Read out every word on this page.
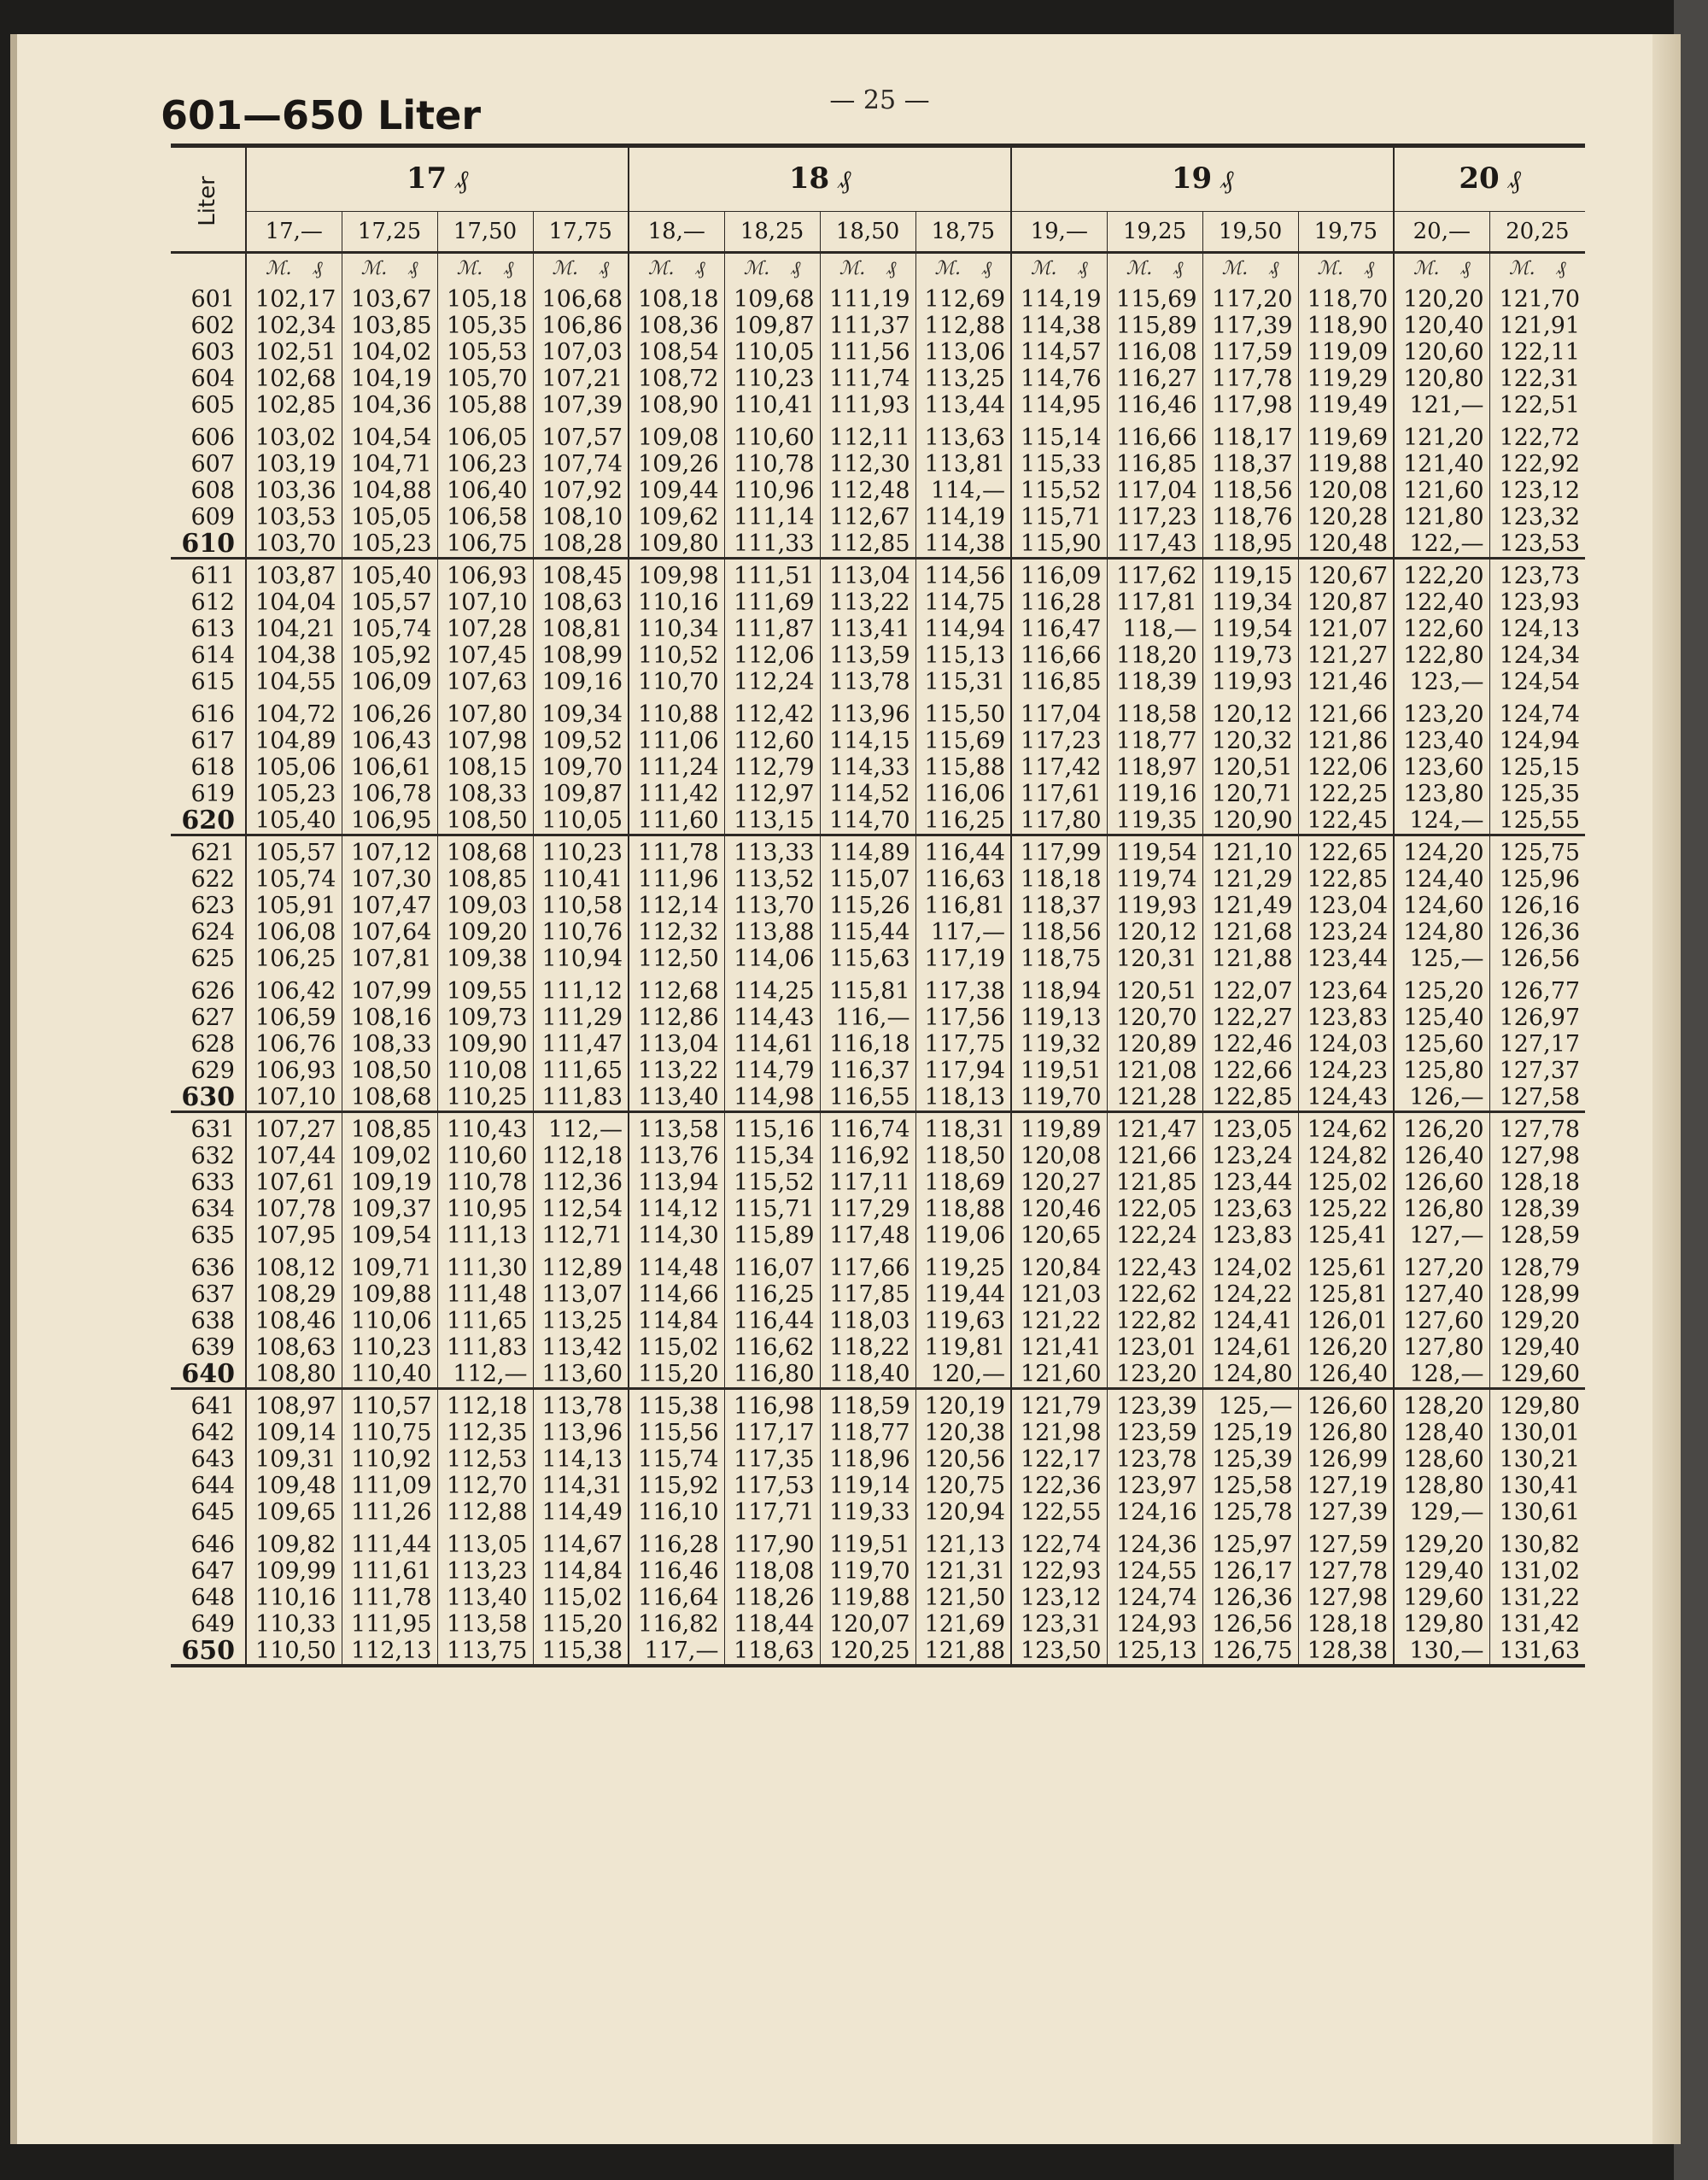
601—650 Liter	— 25 —
Liter	17 ₰				18 ₰				19 ₰				20 ₰	
	17,—	17,25	17,50	17,75	18,—	18,25	18,50	18,75	19,—	19,25	19,50	19,75	20,—	20,25
	ℳ. ₰	ℳ. ₰	ℳ. ₰	ℳ. ₰	ℳ. ₰	ℳ. ₰	ℳ. ₰	ℳ. ₰	ℳ. ₰	ℳ. ₰	ℳ. ₰	ℳ. ₰	ℳ. ₰	ℳ. ₰
601	102,17	103,67	105,18	106,68	108,18	109,68	111,19	112,69	114,19	115,69	117,20	118,70	120,20	121,70
602	102,34	103,85	105,35	106,86	108,36	109,87	111,37	112,88	114,38	115,89	117,39	118,90	120,40	121,91
603	102,51	104,02	105,53	107,03	108,54	110,05	111,56	113,06	114,57	116,08	117,59	119,09	120,60	122,11
604	102,68	104,19	105,70	107,21	108,72	110,23	111,74	113,25	114,76	116,27	117,78	119,29	120,80	122,31
605	102,85	104,36	105,88	107,39	108,90	110,41	111,93	113,44	114,95	116,46	117,98	119,49	121,—	122,51
606	103,02	104,54	106,05	107,57	109,08	110,60	112,11	113,63	115,14	116,66	118,17	119,69	121,20	122,72
607	103,19	104,71	106,23	107,74	109,26	110,78	112,30	113,81	115,33	116,85	118,37	119,88	121,40	122,92
608	103,36	104,88	106,40	107,92	109,44	110,96	112,48	114,—	115,52	117,04	118,56	120,08	121,60	123,12
609	103,53	105,05	106,58	108,10	109,62	111,14	112,67	114,19	115,71	117,23	118,76	120,28	121,80	123,32
610	103,70	105,23	106,75	108,28	109,80	111,33	112,85	114,38	115,90	117,43	118,95	120,48	122,—	123,53
611	103,87	105,40	106,93	108,45	109,98	111,51	113,04	114,56	116,09	117,62	119,15	120,67	122,20	123,73
612	104,04	105,57	107,10	108,63	110,16	111,69	113,22	114,75	116,28	117,81	119,34	120,87	122,40	123,93
613	104,21	105,74	107,28	108,81	110,34	111,87	113,41	114,94	116,47	118,—	119,54	121,07	122,60	124,13
614	104,38	105,92	107,45	108,99	110,52	112,06	113,59	115,13	116,66	118,20	119,73	121,27	122,80	124,34
615	104,55	106,09	107,63	109,16	110,70	112,24	113,78	115,31	116,85	118,39	119,93	121,46	123,—	124,54
616	104,72	106,26	107,80	109,34	110,88	112,42	113,96	115,50	117,04	118,58	120,12	121,66	123,20	124,74
617	104,89	106,43	107,98	109,52	111,06	112,60	114,15	115,69	117,23	118,77	120,32	121,86	123,40	124,94
618	105,06	106,61	108,15	109,70	111,24	112,79	114,33	115,88	117,42	118,97	120,51	122,06	123,60	125,15
619	105,23	106,78	108,33	109,87	111,42	112,97	114,52	116,06	117,61	119,16	120,71	122,25	123,80	125,35
620	105,40	106,95	108,50	110,05	111,60	113,15	114,70	116,25	117,80	119,35	120,90	122,45	124,—	125,55
621	105,57	107,12	108,68	110,23	111,78	113,33	114,89	116,44	117,99	119,54	121,10	122,65	124,20	125,75
622	105,74	107,30	108,85	110,41	111,96	113,52	115,07	116,63	118,18	119,74	121,29	122,85	124,40	125,96
623	105,91	107,47	109,03	110,58	112,14	113,70	115,26	116,81	118,37	119,93	121,49	123,04	124,60	126,16
624	106,08	107,64	109,20	110,76	112,32	113,88	115,44	117,—	118,56	120,12	121,68	123,24	124,80	126,36
625	106,25	107,81	109,38	110,94	112,50	114,06	115,63	117,19	118,75	120,31	121,88	123,44	125,—	126,56
626	106,42	107,99	109,55	111,12	112,68	114,25	115,81	117,38	118,94	120,51	122,07	123,64	125,20	126,77
627	106,59	108,16	109,73	111,29	112,86	114,43	116,—	117,56	119,13	120,70	122,27	123,83	125,40	126,97
628	106,76	108,33	109,90	111,47	113,04	114,61	116,18	117,75	119,32	120,89	122,46	124,03	125,60	127,17
629	106,93	108,50	110,08	111,65	113,22	114,79	116,37	117,94	119,51	121,08	122,66	124,23	125,80	127,37
630	107,10	108,68	110,25	111,83	113,40	114,98	116,55	118,13	119,70	121,28	122,85	124,43	126,—	127,58
631	107,27	108,85	110,43	112,—	113,58	115,16	116,74	118,31	119,89	121,47	123,05	124,62	126,20	127,78
632	107,44	109,02	110,60	112,18	113,76	115,34	116,92	118,50	120,08	121,66	123,24	124,82	126,40	127,98
633	107,61	109,19	110,78	112,36	113,94	115,52	117,11	118,69	120,27	121,85	123,44	125,02	126,60	128,18
634	107,78	109,37	110,95	112,54	114,12	115,71	117,29	118,88	120,46	122,05	123,63	125,22	126,80	128,39
635	107,95	109,54	111,13	112,71	114,30	115,89	117,48	119,06	120,65	122,24	123,83	125,41	127,—	128,59
636	108,12	109,71	111,30	112,89	114,48	116,07	117,66	119,25	120,84	122,43	124,02	125,61	127,20	128,79
637	108,29	109,88	111,48	113,07	114,66	116,25	117,85	119,44	121,03	122,62	124,22	125,81	127,40	128,99
638	108,46	110,06	111,65	113,25	114,84	116,44	118,03	119,63	121,22	122,82	124,41	126,01	127,60	129,20
639	108,63	110,23	111,83	113,42	115,02	116,62	118,22	119,81	121,41	123,01	124,61	126,20	127,80	129,40
640	108,80	110,40	112,—	113,60	115,20	116,80	118,40	120,—	121,60	123,20	124,80	126,40	128,—	129,60
641	108,97	110,57	112,18	113,78	115,38	116,98	118,59	120,19	121,79	123,39	125,—	126,60	128,20	129,80
642	109,14	110,75	112,35	113,96	115,56	117,17	118,77	120,38	121,98	123,59	125,19	126,80	128,40	130,01
643	109,31	110,92	112,53	114,13	115,74	117,35	118,96	120,56	122,17	123,78	125,39	126,99	128,60	130,21
644	109,48	111,09	112,70	114,31	115,92	117,53	119,14	120,75	122,36	123,97	125,58	127,19	128,80	130,41
645	109,65	111,26	112,88	114,49	116,10	117,71	119,33	120,94	122,55	124,16	125,78	127,39	129,—	130,61
646	109,82	111,44	113,05	114,67	116,28	117,90	119,51	121,13	122,74	124,36	125,97	127,59	129,20	130,82
647	109,99	111,61	113,23	114,84	116,46	118,08	119,70	121,31	122,93	124,55	126,17	127,78	129,40	131,02
648	110,16	111,78	113,40	115,02	116,64	118,26	119,88	121,50	123,12	124,74	126,36	127,98	129,60	131,22
649	110,33	111,95	113,58	115,20	116,82	118,44	120,07	121,69	123,31	124,93	126,56	128,18	129,80	131,42
650	110,50	112,13	113,75	115,38	117,—	118,63	120,25	121,88	123,50	125,13	126,75	128,38	130,—	131,63
